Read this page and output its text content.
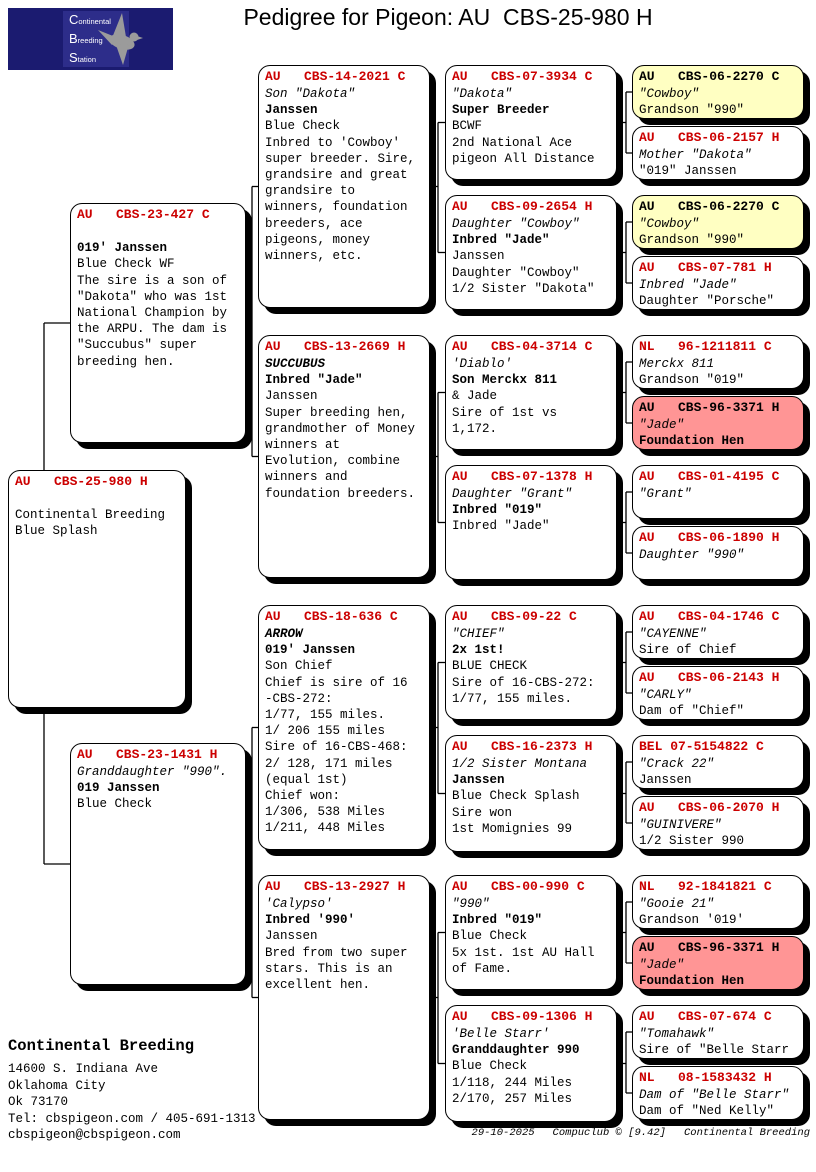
Pedigree for Pigeon: AU  CBS-25-980 H
Continental
Breeding
Station
AU   CBS-25-980 H
Continental Breeding
Blue Splash
AU   CBS-23-427 C
019' Janssen
Blue Check WF
The sire is a son of
"Dakota" who was 1st
National Champion by
the ARPU. The dam is
"Succubus" super
breeding hen.
AU   CBS-23-1431 H
Granddaughter "990".
019 Janssen
Blue Check
AU   CBS-14-2021 C
Son "Dakota"
Janssen
Blue Check
Inbred to 'Cowboy'
super breeder. Sire,
grandsire and great
grandsire to
winners, foundation
breeders, ace
pigeons, money
winners, etc.
AU   CBS-13-2669 H
SUCCUBUS
Inbred "Jade"
Janssen
Super breeding hen,
grandmother of Money
winners at
Evolution, combine
winners and
foundation breeders.
AU   CBS-18-636 C
ARROW
019' Janssen
Son Chief
Chief is sire of 16
-CBS-272:
1/77, 155 miles.
1/ 206 155 miles
Sire of 16-CBS-468:
2/ 128, 171 miles
(equal 1st)
Chief won:
1/306, 538 Miles
1/211, 448 Miles
AU   CBS-13-2927 H
'Calypso'
Inbred '990'
Janssen
Bred from two super
stars. This is an
excellent hen.
AU   CBS-07-3934 C
"Dakota"
Super Breeder
BCWF
2nd National Ace
pigeon All Distance
AU   CBS-09-2654 H
Daughter "Cowboy"
Inbred "Jade"
Janssen
Daughter "Cowboy"
1/2 Sister "Dakota"
AU   CBS-04-3714 C
'Diablo'
Son Merckx 811
& Jade
Sire of 1st vs
1,172.
AU   CBS-07-1378 H
Daughter "Grant"
Inbred "019"
Inbred "Jade"
AU   CBS-09-22 C
"CHIEF"
2x 1st!
BLUE CHECK
Sire of 16-CBS-272:
1/77, 155 miles.
AU   CBS-16-2373 H
1/2 Sister Montana
Janssen
Blue Check Splash
Sire won
1st Momignies 99
AU   CBS-00-990 C
"990"
Inbred "019"
Blue Check
5x 1st. 1st AU Hall
of Fame.
AU   CBS-09-1306 H
'Belle Starr'
Granddaughter 990
Blue Check
1/118, 244 Miles
2/170, 257 Miles
AU   CBS-06-2270 C
"Cowboy"
Grandson "990"
AU   CBS-06-2157 H
Mother "Dakota"
"019" Janssen
AU   CBS-06-2270 C
"Cowboy"
Grandson "990"
AU   CBS-07-781 H
Inbred "Jade"
Daughter "Porsche"
NL   96-1211811 C
Merckx 811
Grandson "019"
AU   CBS-96-3371 H
"Jade"
Foundation Hen
AU   CBS-01-4195 C
"Grant"
AU   CBS-06-1890 H
Daughter "990"
AU   CBS-04-1746 C
"CAYENNE"
Sire of Chief
AU   CBS-06-2143 H
"CARLY"
Dam of "Chief"
BEL 07-5154822 C
"Crack 22"
Janssen
AU   CBS-06-2070 H
"GUINIVERE"
1/2 Sister 990
NL   92-1841821 C
"Gooie 21"
Grandson '019'
AU   CBS-96-3371 H
"Jade"
Foundation Hen
AU   CBS-07-674 C
"Tomahawk"
Sire of "Belle Starr
NL   08-1583432 H
Dam of "Belle Starr"
Dam of "Ned Kelly"
Continental Breeding
14600 S. Indiana Ave
Oklahoma City
Ok 73170
Tel: cbspigeon.com / 405-691-1313
cbspigeon@cbspigeon.com	29-10-2025 Compuclub © [9.42] Continental Breeding
